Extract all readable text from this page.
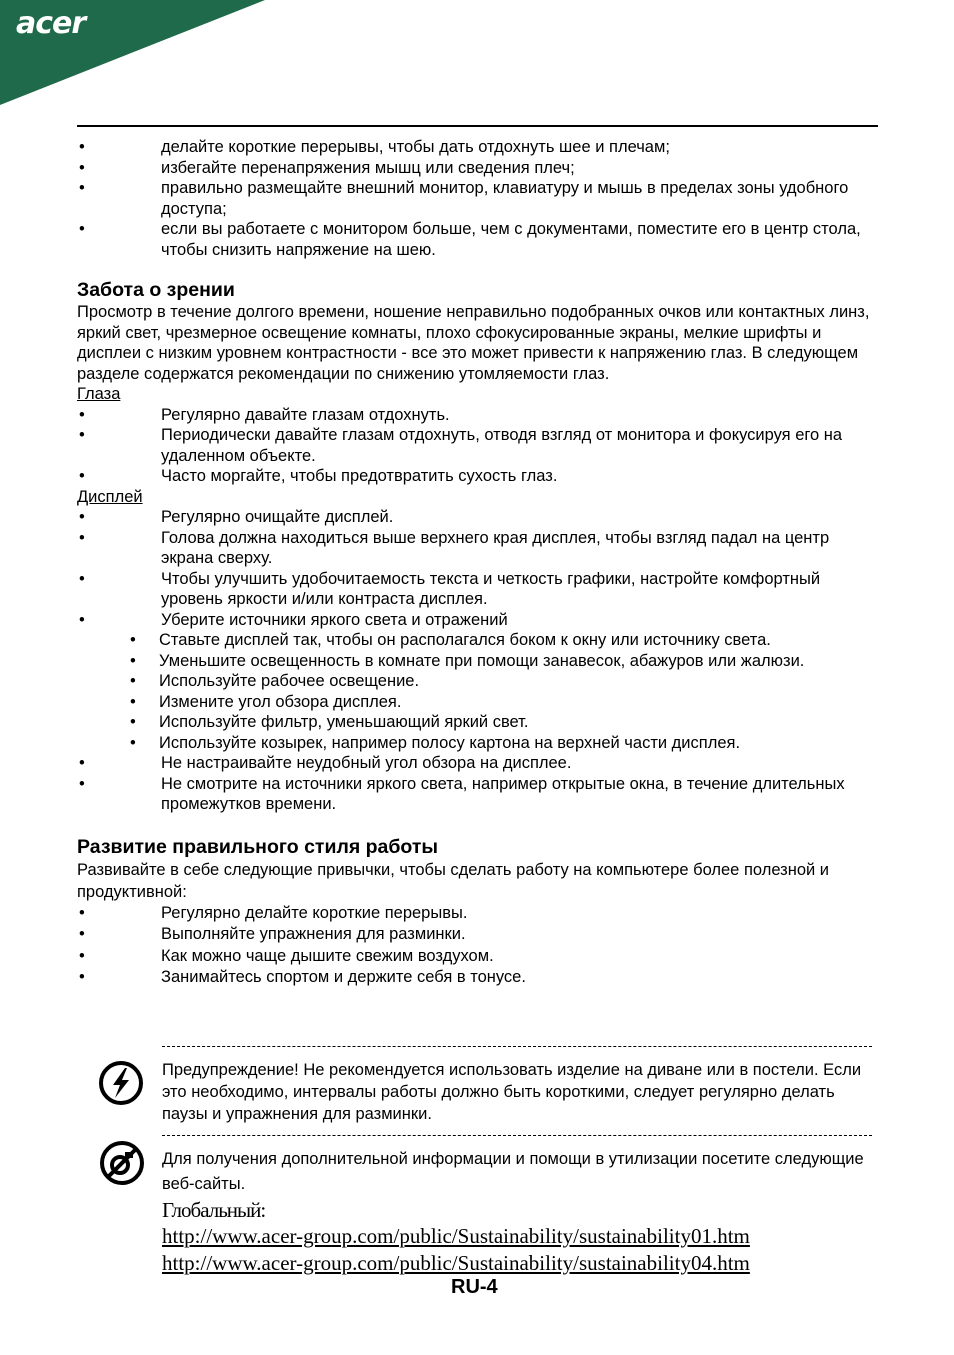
acer
•	делайте короткие перерывы, чтобы дать отдохнуть шее и плечам;
•	избегайте перенапряжения мышц или сведения плеч;
•	правильно размещайте внешний монитор, клавиатуру и мышь в пределах зоны удобного доступа;
•	если вы работаете с монитором больше, чем с документами, поместите его в центр стола, чтобы снизить напряжение на шею.
Забота о зрении

Просмотр в течение долгого времени, ношение неправильно подобранных очков или контактных линз, яркий свет, чрезмерное освещение комнаты, плохо сфокусированные экраны, мелкие шрифты и дисплеи с низким уровнем контрастности - все это может привести к напряжению глаз. В следующем разделе содержатся рекомендации по снижению утомляемости глаз.

Глаза
•	Регулярно давайте глазам отдохнуть.
•	Периодически давайте глазам отдохнуть, отводя взгляд от монитора и фокусируя его на удаленном объекте.
•	Часто моргайте, чтобы предотвратить сухость глаз.
Дисплей
•	Регулярно очищайте дисплей.
•	Голова должна находиться выше верхнего края дисплея, чтобы взгляд падал на центр экрана сверху.
•	Чтобы улучшить удобочитаемость текста и четкость графики, настройте комфортный уровень яркости и/или контраста дисплея.
•	Уберите источники яркого света и отражений
•	Ставьте дисплей так, чтобы он располагался боком к окну или источнику света.
•	Уменьшите освещенность в комнате при помощи занавесок, абажуров или жалюзи.
•	Используйте рабочее освещение.
•	Измените угол обзора дисплея.
•	Используйте фильтр, уменьшающий яркий свет.
•	Используйте козырек, например полосу картона на верхней части дисплея.
•	Не настраивайте неудобный угол обзора на дисплее.
•	Не смотрите на источники яркого света, например открытые окна, в течение длительных промежутков времени.
Развитие правильного стиля работы

Развивайте в себе следующие привычки, чтобы сделать работу на компьютере более полезной и продуктивной:

•	Регулярно делайте короткие перерывы.
•	Выполняйте упражнения для разминки.
•	Как можно чаще дышите свежим воздухом.
•	Занимайтесь спортом и держите себя в тонусе.
Предупреждение! Не рекомендуется использовать изделие на диване или в постели. Если это необходимо, интервалы работы должно быть короткими, следует регулярно делать паузы и упражнения для разминки.
Для получения дополнительной информации и помощи в утилизации посетите следующие веб-сайты.
Глобальный:
http://www.acer-group.com/public/Sustainability/sustainability01.htm
http://www.acer-group.com/public/Sustainability/sustainability04.htm
RU-4
